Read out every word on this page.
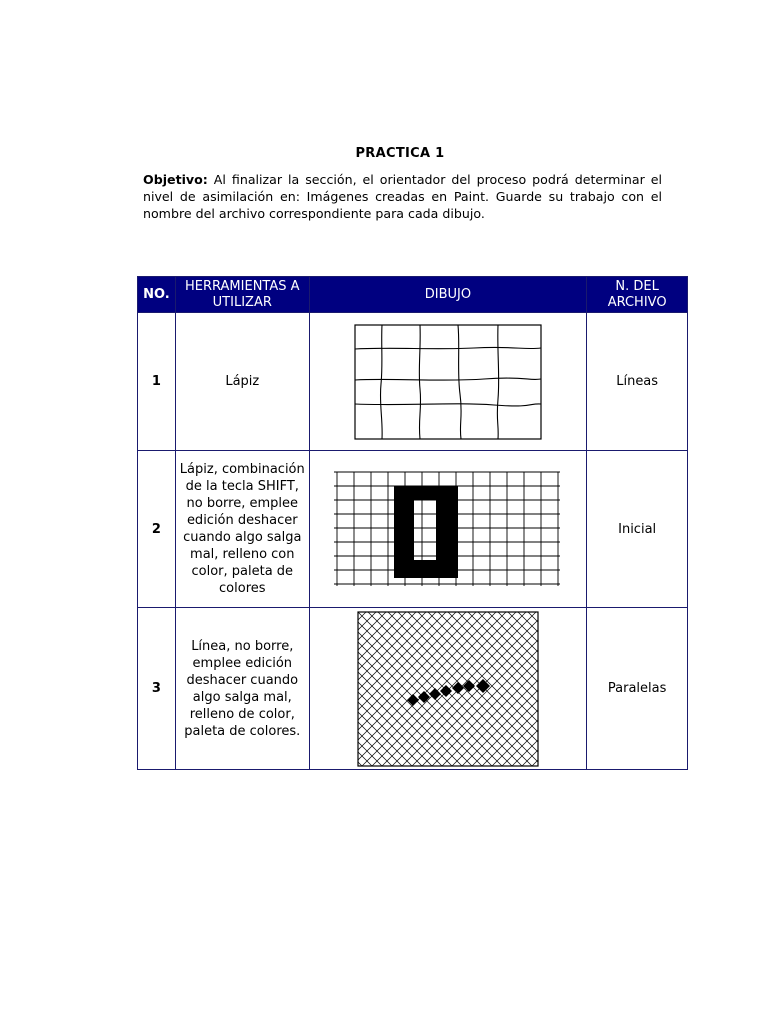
PRACTICA 1
Objetivo: Al finalizar la sección, el orientador del proceso podrá determinar el nivel de asimilación en: Imágenes creadas en Paint. Guarde su trabajo con el nombre del archivo correspondiente para cada dibujo.
NO.	HERRAMIENTAS A UTILIZAR	DIBUJO	N. DEL ARCHIVO
1	Lápiz		Líneas
2	Lápiz, combinación de la tecla SHIFT, no borre, emplee edición deshacer cuando algo salga mal, relleno con color, paleta de colores		Inicial
3	Línea, no borre, emplee edición deshacer cuando algo salga mal, relleno de color, paleta de colores.		Paralelas
